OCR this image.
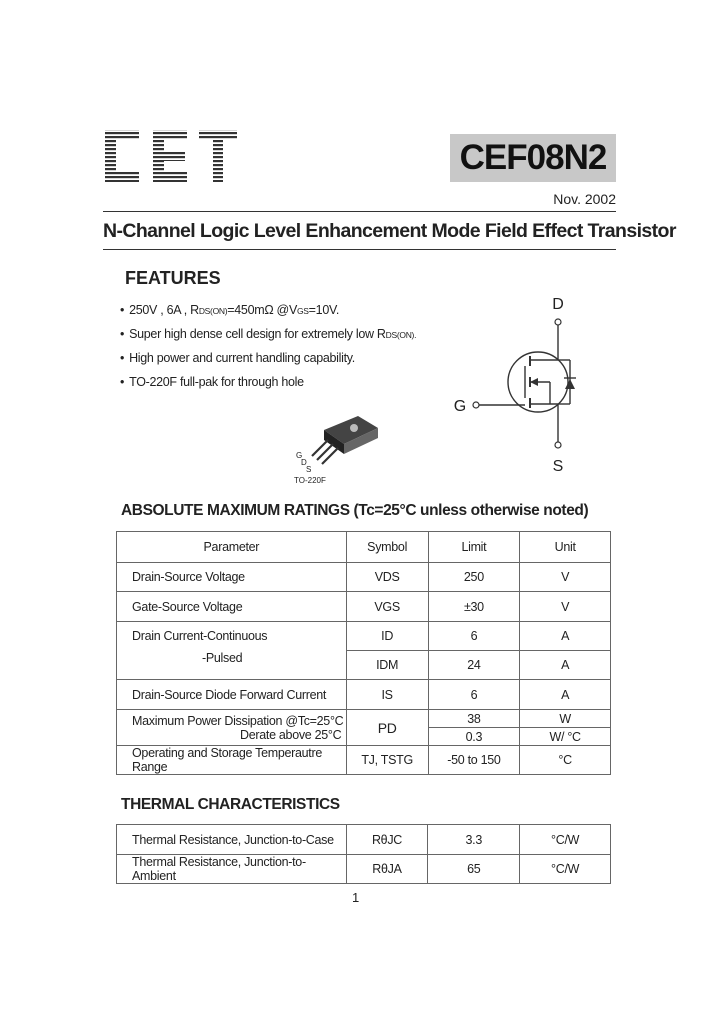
CEF08N2
Nov. 2002
N-Channel Logic Level Enhancement Mode Field Effect Transistor
FEATURES
• 250V , 6A , RDS(ON)=450mΩ @VGS=10V.
• Super high dense cell design for extremely low RDS(ON).
• High power and current handling capability.
• TO-220F full-pak for through hole
D
G
S
G
D
S
TO-220F
ABSOLUTE MAXIMUM RATINGS (Tc=25°C unless otherwise noted)
Parameter	Symbol	Limit	Unit
Drain-Source Voltage	VDS	250	V
Gate-Source Voltage	VGS	±30	V

Drain Current-Continuous
-Pulsed	ID	6	A
	IDM	24	A
Drain-Source Diode Forward Current	IS	6	A

Maximum Power Dissipation @Tc=25°C
Derate above 25°C	PD	38	W
		0.3	W/ °C
Operating and Storage Temperautre Range	TJ, TSTG	-50 to 150	°C
THERMAL CHARACTERISTICS
Thermal Resistance, Junction-to-Case	RθJC	3.3	°C/W
Thermal Resistance, Junction-to-Ambient	RθJA	65	°C/W
1
